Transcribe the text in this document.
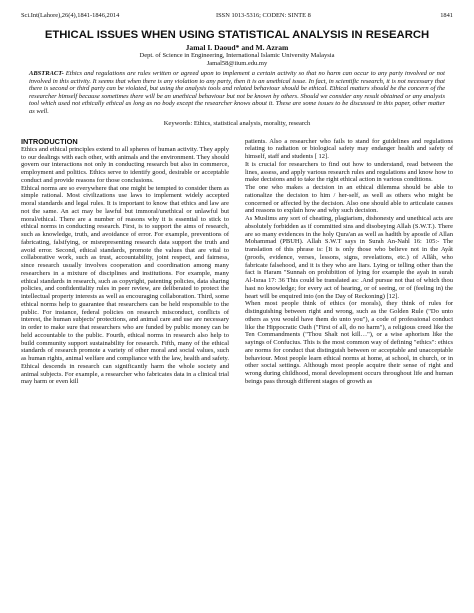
Sci.Int(Lahore),26(4),1841-1846,2014	ISSN 1013-5316; CODEN: SINTE 8	1841
ETHICAL ISSUES WHEN USING STATISTICAL ANALYSIS IN RESEARCH
Jamal I. Daoud* and M. Azram
Dept. of Science in Engineering, International Islamic University Malaysia
Jamal58@iium.edu.my
ABSTRACT- Ethics and regulations are rules written or agreed upon to implement a certain activity so that no harm can occur to any party involved or not involved in this activity. It seems that when there is any violation to any party, then it is an unethical issue. In fact, in scientific research, it is not necessary that there is second or third party can be violated, but using the analysis tools and related behaviour should be ethical. Ethical matters should be the concern of the researcher himself because sometimes there will be an unethical behaviour but not be known by others. Should we consider any result obtained or any analysis tool which used not ethically ethical as long as no body except the researcher knows about it. These are some issues to be discussed in this paper, other matter as well.
Keywords: Ethics, statistical analysis, morality, research
INTRODUCTION

Ethics and ethical principles extend to all spheres of human activity. They apply to our dealings with each other, with animals and the environment. They should govern our interactions not only in conducting research but also in commerce, employment and politics. Ethics serve to identify good, desirable or acceptable conduct and provide reasons for those conclusions.

Ethical norms are so everywhere that one might be tempted to consider them as simple rational. Most civilizations use laws to implement widely accepted moral standards and legal rules. It is important to know that ethics and law are not the same. An act may be lawful but immoral/unethical or unlawful but moral/ethical. There are a number of reasons why it is essential to stick to ethical norms in conducting research. First, is to support the aims of research, such as knowledge, truth, and avoidance of error. For example, preventions of fabricating, falsifying, or misrepresenting research data support the truth and avoid error. Second, ethical standards, promote the values that are vital to collaborative work, such as trust, accountability, joint respect, and fairness, since research usually involves cooperation and coordination among many researchers in a mixture of disciplines and institutions. For example, many ethical standards in research, such as copyright, patenting policies, data sharing policies, and confidentiality rules in peer review, are deliberated to protect the intellectual property interests as well as encouraging collaboration. Third, some ethical norms help to guarantee that researchers can be held responsible to the public. For instance, federal policies on research misconduct, conflicts of interest, the human subjects' protections, and animal care and use are necessary in order to make sure that researchers who are funded by public money can be held accountable to the public. Fourth, ethical norms in research also help to build community support sustainability for research. Fifth, many of the ethical standards of research promote a variety of other moral and social values, such as human rights, animal welfare and compliance with the law, health and safety. Ethical descends in research can significantly harm the whole society and animal subjects. For example, a researcher who fabricates data in a clinical trial may harm or even kill

patients. Also a researcher who fails to stand for guidelines and regulations relating to radiation or biological safety may endanger health and safety of himself, staff and students [ 12].

It is crucial for researchers to find out how to understand, read between the lines, assess, and apply various research rules and regulations and know how to make decisions and to take the right ethical action in various conditions.

The one who makes a decision in an ethical dilemma should be able to rationalize the decision to him / her-self, as well as others who might be concerned or affected by the decision. Also one should able to articulate causes and reasons to explain how and why such decision.

As Muslims any sort of cheating, plagiarism, dishonesty and unethical acts are absolutely forbidden as if committed sins and disobeying Allah (S.W.T.). There are so many evidences in the holy Qura'an as well as hadith by apostle of Allan Mohammad (PBUH). Allah S.W.T says in Surah An-Nahl 16: 105:- The translation of this phrase is: [It is only those who believe not in the Ayât (proofs, evidence, verses, lessons, signs, revelations, etc.) of Allâh, who fabricate falsehood, and it is they who are liars. Lying or telling other than the fact is Haram "Sunnah on prohibition of lying for example the ayah in surah Al-Israa 17: 36 This could be translated as: .And pursue not that of which thou hast no knowledge; for every act of hearing, or of seeing, or of (feeling in) the heart will be enquired into (on the Day of Reckoning) [12].

When most people think of ethics (or morals), they think of rules for distinguishing between right and wrong, such as the Golden Rule ("Do unto others as you would have them do unto you"), a code of professional conduct like the Hippocratic Oath ("First of all, do no harm"), a religious creed like the Ten Commandments ("Thou Shalt not kill…"), or a wise aphorism like the sayings of Confucius. This is the most common way of defining "ethics": ethics are norms for conduct that distinguish between or acceptable and unacceptable behaviour. Most people learn ethical norms at home, at school, in church, or in other social settings. Although most people acquire their sense of right and wrong during childhood, moral development occurs throughout life and human beings pass through different stages of growth as
